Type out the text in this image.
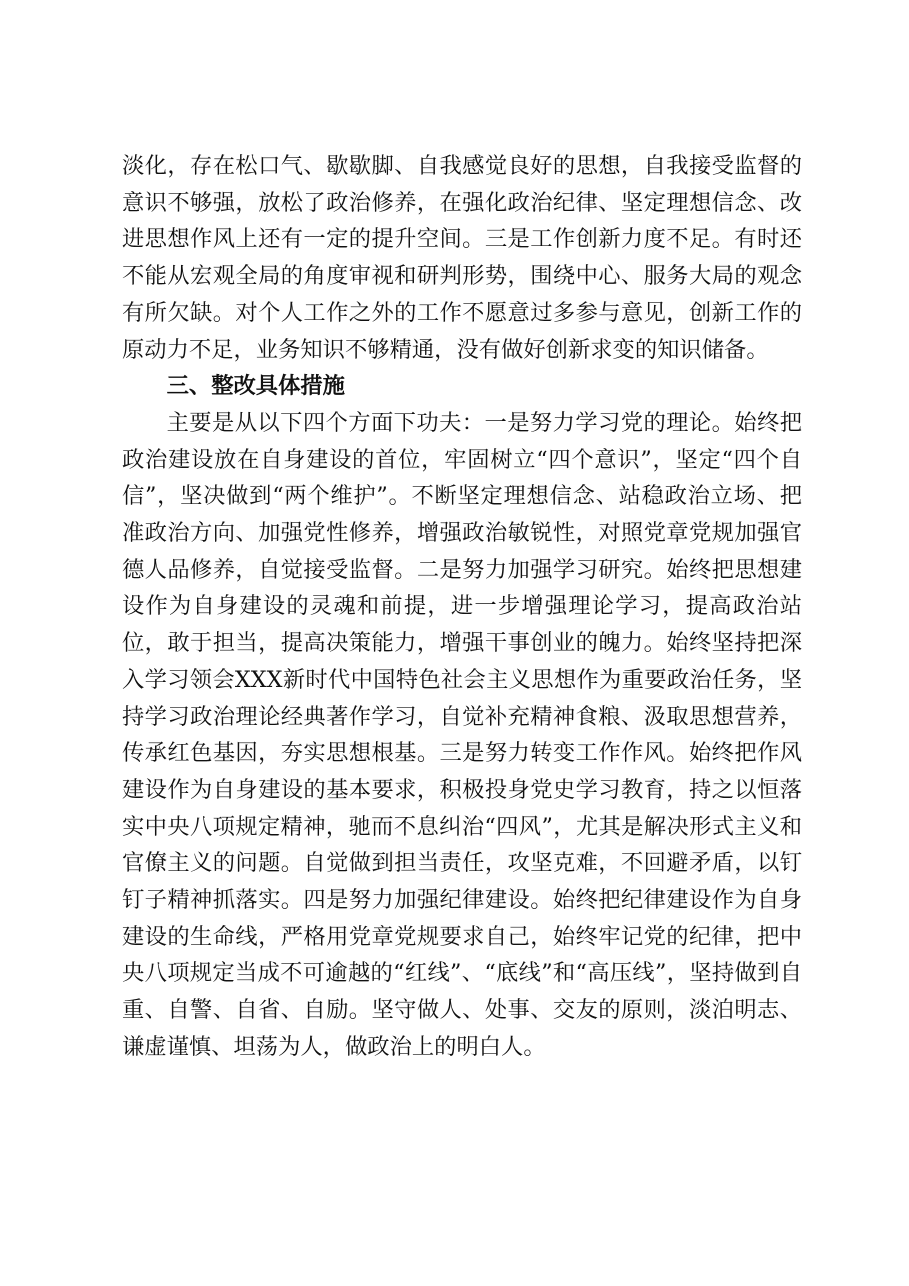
淡化，存在松口气、歇歇脚、自我感觉良好的思想，自我接受监督的意识不够强，放松了政治修养，在强化政治纪律、坚定理想信念、改进思想作风上还有一定的提升空间。三是工作创新力度不足。有时还不能从宏观全局的角度审视和研判形势，围绕中心、服务大局的观念有所欠缺。对个人工作之外的工作不愿意过多参与意见，创新工作的原动力不足，业务知识不够精通，没有做好创新求变的知识储备。

三、整改具体措施

主要是从以下四个方面下功夫：一是努力学习党的理论。始终把政治建设放在自身建设的首位，牢固树立“四个意识”，坚定“四个自信”，坚决做到“两个维护”。不断坚定理想信念、站稳政治立场、把准政治方向、加强党性修养，增强政治敏锐性，对照党章党规加强官德人品修养，自觉接受监督。二是努力加强学习研究。始终把思想建设作为自身建设的灵魂和前提，进一步增强理论学习，提高政治站位，敢于担当，提高决策能力，增强干事创业的魄力。始终坚持把深入学习领会XXX新时代中国特色社会主义思想作为重要政治任务，坚持学习政治理论经典著作学习，自觉补充精神食粮、汲取思想营养，传承红色基因，夯实思想根基。三是努力转变工作作风。始终把作风建设作为自身建设的基本要求，积极投身党史学习教育，持之以恒落实中央八项规定精神，驰而不息纠治“四风”，尤其是解决形式主义和官僚主义的问题。自觉做到担当责任，攻坚克难，不回避矛盾，以钉钉子精神抓落实。四是努力加强纪律建设。始终把纪律建设作为自身建设的生命线，严格用党章党规要求自己，始终牢记党的纪律，把中央八项规定当成不可逾越的“红线”、“底线”和“高压线”，坚持做到自重、自警、自省、自励。坚守做人、处事、交友的原则，淡泊明志、谦虚谨慎、坦荡为人，做政治上的明白人。
